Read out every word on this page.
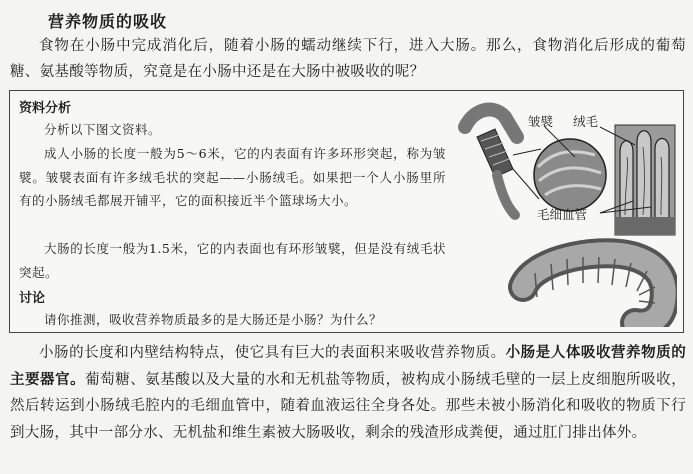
营养物质的吸收

食物在小肠中完成消化后，随着小肠的蠕动继续下行，进入大肠。那么，食物消化后形成的葡萄糖、氨基酸等物质，究竟是在小肠中还是在大肠中被吸收的呢？

资料分析

分析以下图文资料。

成人小肠的长度一般为5～6米，它的内表面有许多环形突起，称为皱襞。皱襞表面有许多绒毛状的突起——小肠绒毛。如果把一个人小肠里所有的小肠绒毛都展开铺平，它的面积接近半个篮球场大小。

大肠的长度一般为1.5米，它的内表面也有环形皱襞，但是没有绒毛状突起。

讨论

请你推测，吸收营养物质最多的是大肠还是小肠？为什么？

皱襞 绒毛
毛细血管

小肠的长度和内壁结构特点，使它具有巨大的表面积来吸收营养物质。小肠是人体吸收营养物质的主要器官。葡萄糖、氨基酸以及大量的水和无机盐等物质，被构成小肠绒毛壁的一层上皮细胞所吸收，然后转运到小肠绒毛腔内的毛细血管中，随着血液运往全身各处。那些未被小肠消化和吸收的物质下行到大肠，其中一部分水、无机盐和维生素被大肠吸收，剩余的残渣形成粪便，通过肛门排出体外。
